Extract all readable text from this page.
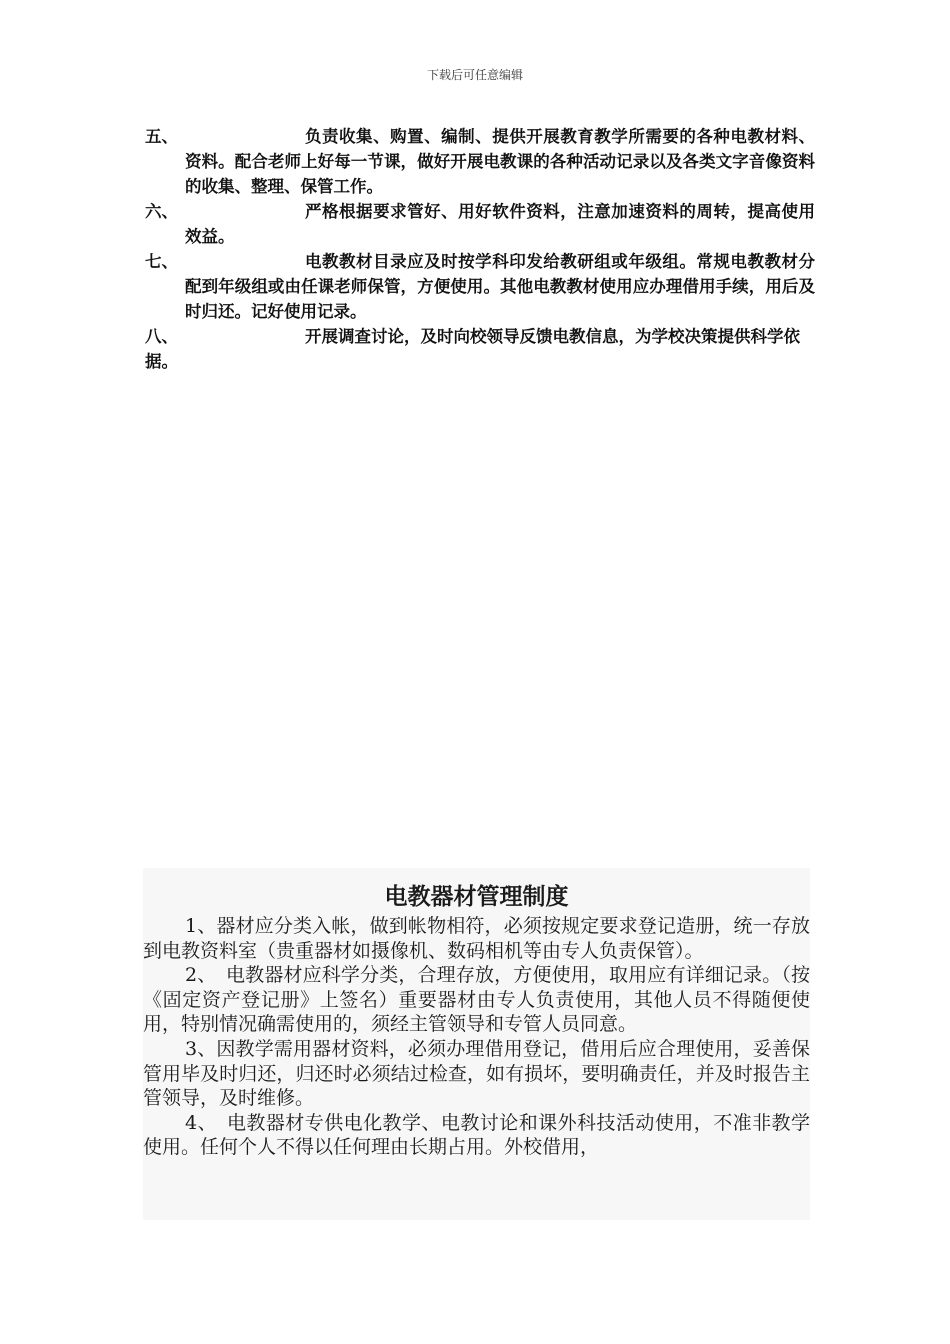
下载后可任意编辑
五、	负责收集、购置、编制、提供开展教育教学所需要的各种电教材料、资料。配合老师上好每一节课，做好开展电教课的各种活动记录以及各类文字音像资料的收集、整理、保管工作。
六、	严格根据要求管好、用好软件资料，注意加速资料的周转，提高使用效益。
七、	电教教材目录应及时按学科印发给教研组或年级组。常规电教教材分配到年级组或由任课老师保管，方便使用。其他电教教材使用应办理借用手续，用后及时归还。记好使用记录。
八、	开展调查讨论，及时向校领导反馈电教信息，为学校决策提供科学依据。
电教器材管理制度

1、器材应分类入帐，做到帐物相符，必须按规定要求登记造册，统一存放到电教资料室（贵重器材如摄像机、数码相机等由专人负责保管）。

2、　电教器材应科学分类，合理存放，方便使用，取用应有详细记录。（按《固定资产登记册》上签名）重要器材由专人负责使用，其他人员不得随便使用，特别情况确需使用的，须经主管领导和专管人员同意。

3、因教学需用器材资料，必须办理借用登记，借用后应合理使用，妥善保管用毕及时归还，归还时必须结过检查，如有损坏，要明确责任，并及时报告主管领导，及时维修。

4、　电教器材专供电化教学、电教讨论和课外科技活动使用，不准非教学使用。任何个人不得以任何理由长期占用。外校借用，
